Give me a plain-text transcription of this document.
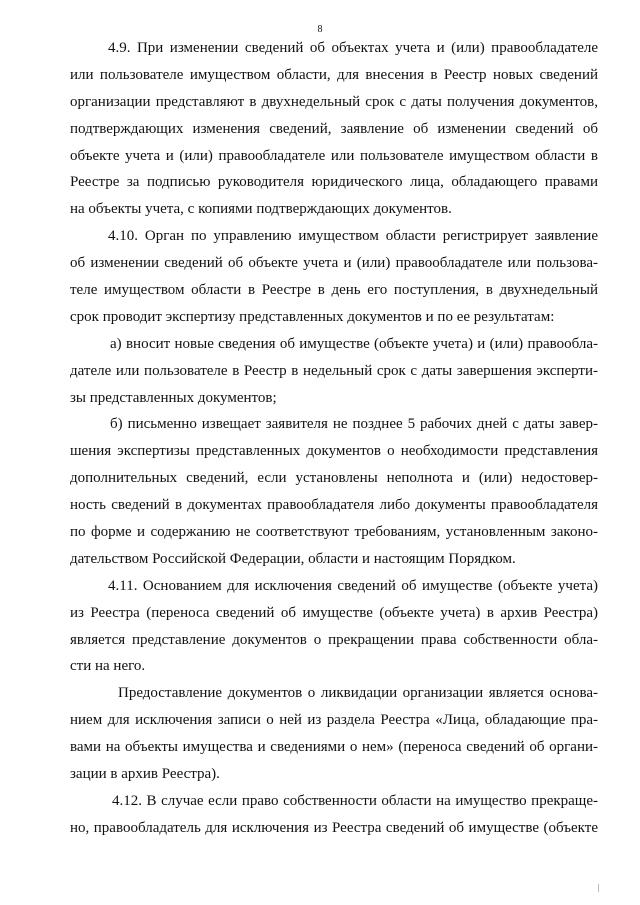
8
4.9. При изменении сведений об объектах учета и (или) правообладателе
или пользователе имуществом области, для внесения в Реестр новых сведений
организации представляют в двухнедельный срок с даты получения документов,
подтверждающих изменения сведений, заявление об изменении сведений об
объекте учета и (или) правообладателе или пользователе имуществом области в
Реестре за подписью руководителя юридического лица, обладающего правами
на объекты учета, с копиями подтверждающих документов.
4.10. Орган по управлению имуществом области регистрирует заявление
об изменении сведений об объекте учета и (или) правообладателе или пользова-
теле имуществом области в Реестре в день его поступления, в двухнедельный
срок проводит экспертизу представленных документов и по ее результатам:
а) вносит новые сведения об имуществе (объекте учета) и (или) правообла-
дателе или пользователе в Реестр в недельный срок с даты завершения эксперти-
зы представленных документов;
б) письменно извещает заявителя не позднее 5 рабочих дней с даты завер-
шения экспертизы представленных документов о необходимости представления
дополнительных сведений, если установлены неполнота и (или) недостовер-
ность сведений в документах правообладателя либо документы правообладателя
по форме и содержанию не соответствуют требованиям, установленным законо-
дательством Российской Федерации, области и настоящим Порядком.
4.11. Основанием для исключения сведений об имуществе (объекте учета)
из Реестра (переноса сведений об имуществе (объекте учета) в архив Реестра)
является представление документов о прекращении права собственности обла-
сти на него.
Предоставление документов о ликвидации организации является основа-
нием для исключения записи о ней из раздела Реестра «Лица, обладающие пра-
вами на объекты имущества и сведениями о нем» (переноса сведений об органи-
зации в архив Реестра).
4.12. В случае если право собственности области на имущество прекраще-
но, правообладатель для исключения из Реестра сведений об имуществе (объекте
